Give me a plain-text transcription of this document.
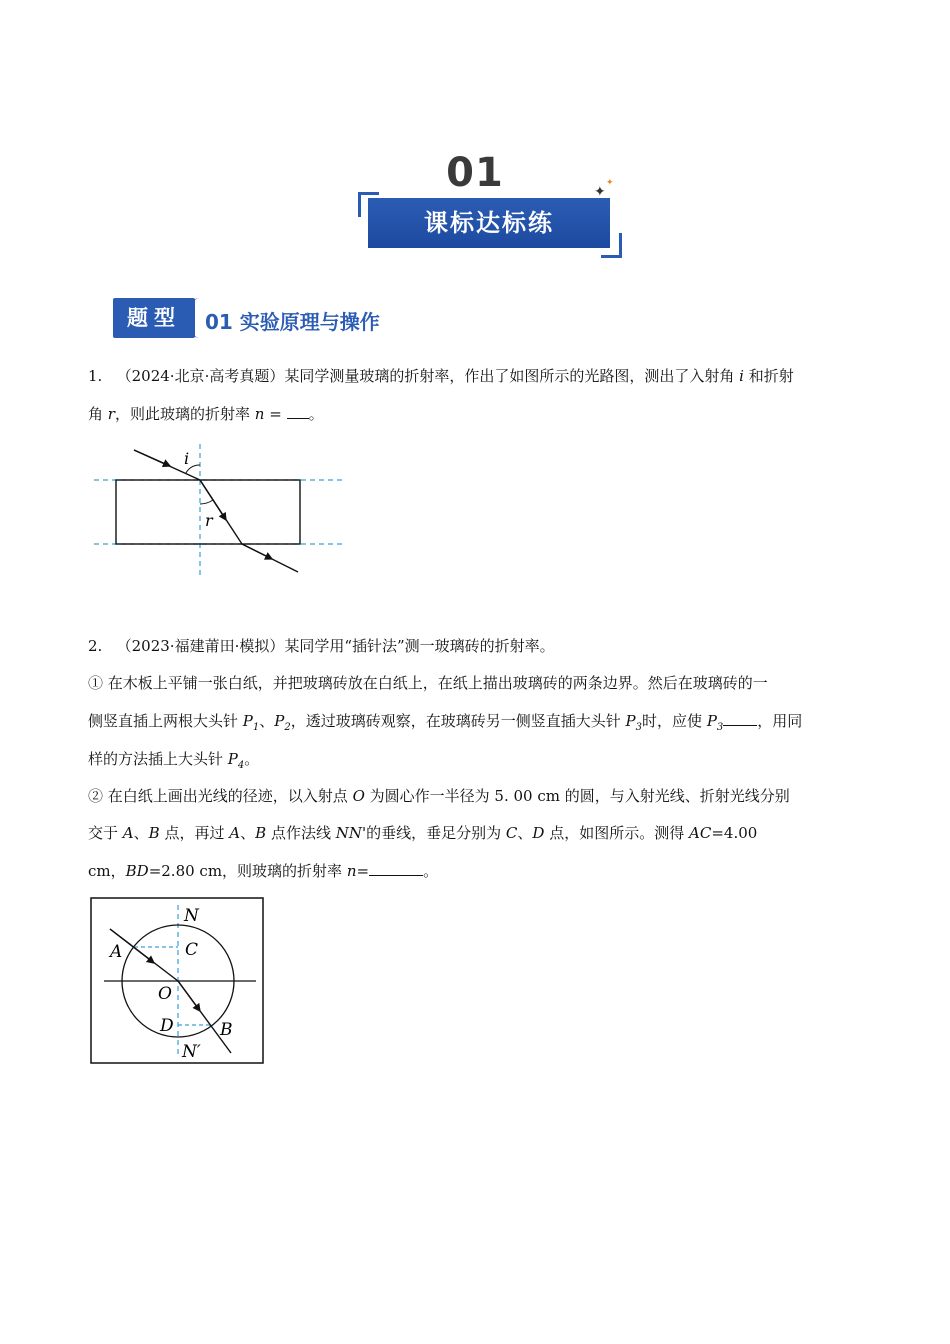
01
课标达标练
✦
✦
题型	01 实验原理与操作
1. （2024·北京·高考真题）某同学测量玻璃的折射率，作出了如图所示的光路图，测出了入射角 i 和折射
角 r，则此玻璃的折射率 n = 。
i
r
2. （2023·福建莆田·模拟）某同学用“插针法”测一玻璃砖的折射率。
① 在木板上平铺一张白纸，并把玻璃砖放在白纸上，在纸上描出玻璃砖的两条边界。然后在玻璃砖的一
侧竖直插上两根大头针 $P_1$、$P_2$，透过玻璃砖观察，在玻璃砖另一侧竖直插大头针 $P_3$时，应使 $P_3$ ，用同
样的方法插上大头针 $P_4$。
② 在白纸上画出光线的径迹，以入射点 O 为圆心作一半径为 5. 00 cm 的圆，与入射光线、折射光线分别
交于 A、B 点，再过 A、B 点作法线 NN'的垂线，垂足分别为 C、D 点，如图所示。测得 AC=4.00
cm，BD=2.80 cm，则玻璃的折射率 n=	。
N
C
A
O
D	B
N′
